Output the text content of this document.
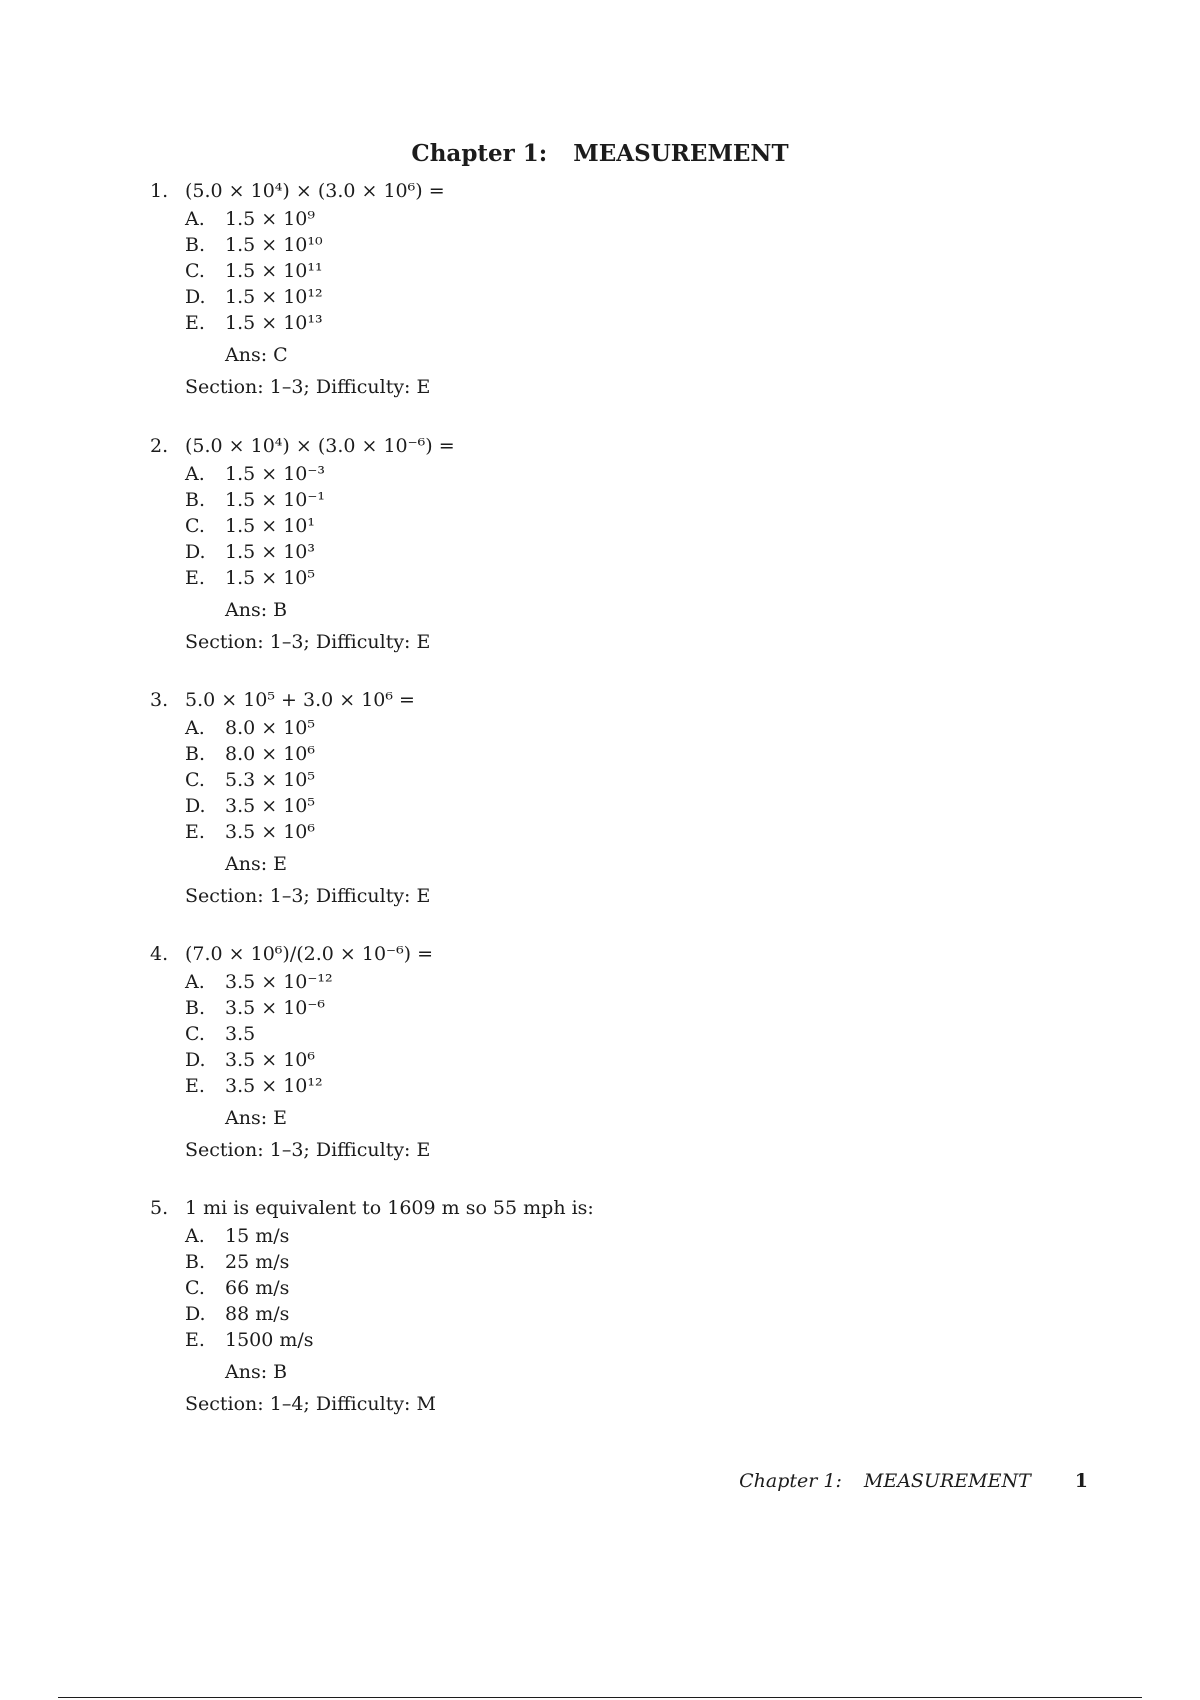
Chapter 1: MEASUREMENT
1. (5.0 × 10⁴) × (3.0 × 10⁶) =
A.	1.5 × 10⁹
B.	1.5 × 10¹⁰
C.	1.5 × 10¹¹
D.	1.5 × 10¹²
E.	1.5 × 10¹³
Ans: C
Section: 1–3; Difficulty: E
2. (5.0 × 10⁴) × (3.0 × 10⁻⁶) =
A.	1.5 × 10⁻³
B.	1.5 × 10⁻¹
C.	1.5 × 10¹
D.	1.5 × 10³
E.	1.5 × 10⁵
Ans: B
Section: 1–3; Difficulty: E
3. 5.0 × 10⁵ + 3.0 × 10⁶ =
A.	8.0 × 10⁵
B.	8.0 × 10⁶
C.	5.3 × 10⁵
D.	3.5 × 10⁵
E.	3.5 × 10⁶
Ans: E
Section: 1–3; Difficulty: E
4. (7.0 × 10⁶)/(2.0 × 10⁻⁶) =
A.	3.5 × 10⁻¹²
B.	3.5 × 10⁻⁶
C.	3.5
D.	3.5 × 10⁶
E.	3.5 × 10¹²
Ans: E
Section: 1–3; Difficulty: E
5. 1 mi is equivalent to 1609 m so 55 mph is:
A.	15 m/s
B.	25 m/s
C.	66 m/s
D.	88 m/s
E.	1500 m/s
Ans: B
Section: 1–4; Difficulty: M
Chapter 1: MEASUREMENT 1
